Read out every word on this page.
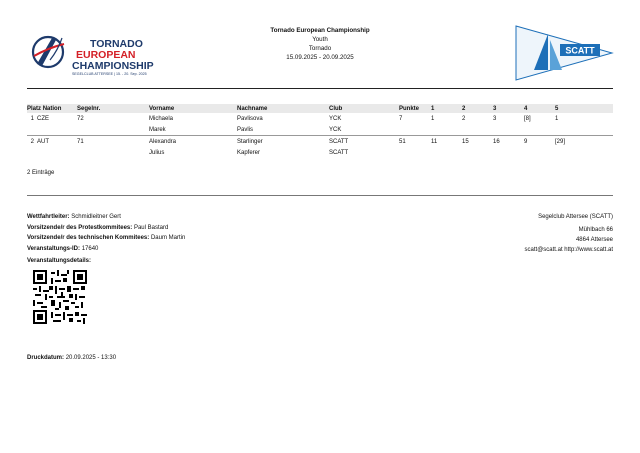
TORNADO
EUROPEAN
CHAMPIONSHIP
SEGELCLUB ATTERSEE | 15. - 20. Sep. 2025
Tornado European Championship
Youth
Tornado
15.09.2025 - 20.09.2025
SCATT
Platz Nation		Segelnr.	Vorname	Nachname	Club	Punkte	1	2	3	4	5
1	CZE	72	Michaela	Pavlisova	YCK	7	1	2	3	[8]	1
			Marek	Pavlis	YCK						
2	AUT	71	Alexandra	Starlinger	SCATT	51	11	15	16	9	[29]
			Julius	Kapferer	SCATT						
2 Einträge
Wettfahrtleiter: Schmidleitner Gert
Vorsitzende/r des Protestkommitees: Paul Bastard
Vorsitzende/r des technischen Kommitees: Daum Martin
Veranstaltungs-ID: 17640
Veranstaltungsdetails:
Segelclub Attersee (SCATT)
Mühlbach 66
4864 Attersee
scatt@scatt.at http://www.scatt.at
Druckdatum: 20.09.2025 - 13:30
